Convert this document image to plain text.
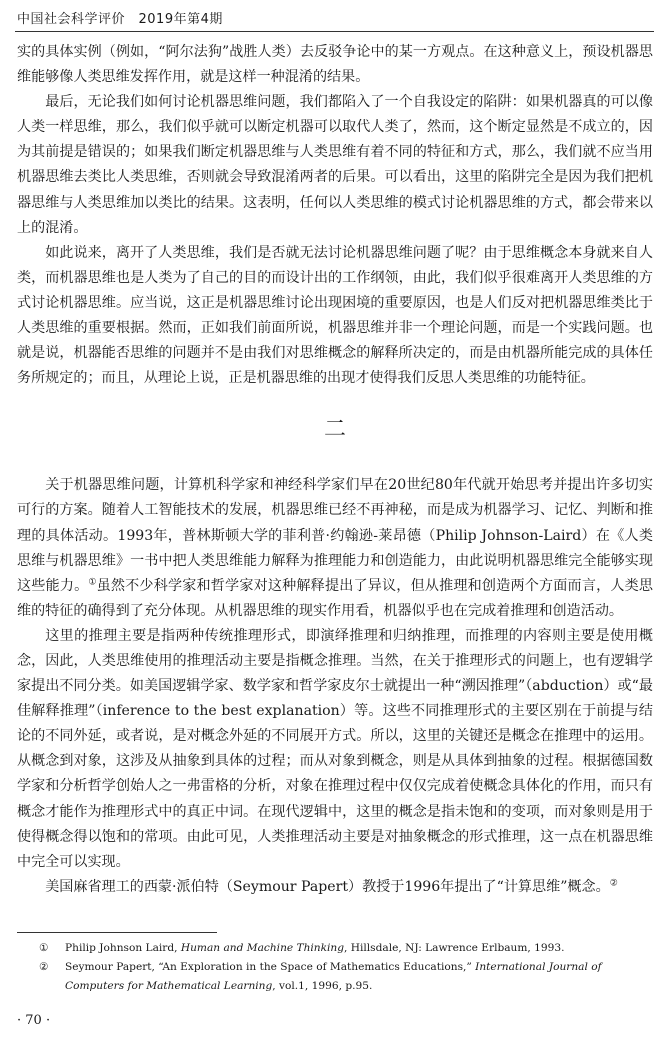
中国社会科学评价　2019年第4期

实的具体实例（例如，“阿尔法狗”战胜人类）去反驳争论中的某一方观点。在这种意义上，预设机器思维能够像人类思维发挥作用，就是这样一种混淆的结果。

最后，无论我们如何讨论机器思维问题，我们都陷入了一个自我设定的陷阱：如果机器真的可以像人类一样思维，那么，我们似乎就可以断定机器可以取代人类了，然而，这个断定显然是不成立的，因为其前提是错误的；如果我们断定机器思维与人类思维有着不同的特征和方式，那么，我们就不应当用机器思维去类比人类思维，否则就会导致混淆两者的后果。可以看出，这里的陷阱完全是因为我们把机器思维与人类思维加以类比的结果。这表明，任何以人类思维的模式讨论机器思维的方式，都会带来以上的混淆。

如此说来，离开了人类思维，我们是否就无法讨论机器思维问题了呢？由于思维概念本身就来自人类，而机器思维也是人类为了自己的目的而设计出的工作纲领，由此，我们似乎很难离开人类思维的方式讨论机器思维。应当说，这正是机器思维讨论出现困境的重要原因，也是人们反对把机器思维类比于人类思维的重要根据。然而，正如我们前面所说，机器思维并非一个理论问题，而是一个实践问题。也就是说，机器能否思维的问题并不是由我们对思维概念的解释所决定的，而是由机器所能完成的具体任务所规定的；而且，从理论上说，正是机器思维的出现才使得我们反思人类思维的功能特征。

二

关于机器思维问题，计算机科学家和神经科学家们早在20世纪80年代就开始思考并提出许多切实可行的方案。随着人工智能技术的发展，机器思维已经不再神秘，而是成为机器学习、记忆、判断和推理的具体活动。1993年，普林斯顿大学的菲利普·约翰逊-莱昂德（Philip Johnson-Laird）在《人类思维与机器思维》一书中把人类思维能力解释为推理能力和创造能力，由此说明机器思维完全能够实现这些能力。①虽然不少科学家和哲学家对这种解释提出了异议，但从推理和创造两个方面而言，人类思维的特征的确得到了充分体现。从机器思维的现实作用看，机器似乎也在完成着推理和创造活动。

这里的推理主要是指两种传统推理形式，即演绎推理和归纳推理，而推理的内容则主要是使用概念，因此，人类思维使用的推理活动主要是指概念推理。当然，在关于推理形式的问题上，也有逻辑学家提出不同分类。如美国逻辑学家、数学家和哲学家皮尔士就提出一种“溯因推理”（abduction）或“最佳解释推理”（inference to the best explanation）等。这些不同推理形式的主要区别在于前提与结论的不同外延，或者说，是对概念外延的不同展开方式。所以，这里的关键还是概念在推理中的运用。从概念到对象，这涉及从抽象到具体的过程；而从对象到概念，则是从具体到抽象的过程。根据德国数学家和分析哲学创始人之一弗雷格的分析，对象在推理过程中仅仅完成着使概念具体化的作用，而只有概念才能作为推理形式中的真正中词。在现代逻辑中，这里的概念是指未饱和的变项，而对象则是用于使得概念得以饱和的常项。由此可见，人类推理活动主要是对抽象概念的形式推理，这一点在机器思维中完全可以实现。

美国麻省理工的西蒙·派伯特（Seymour Papert）教授于1996年提出了“计算思维”概念。②

① Philip Johnson Laird, Human and Machine Thinking, Hillsdale, NJ: Lawrence Erlbaum, 1993.
② Seymour Papert, “An Exploration in the Space of Mathematics Educations,” International Journal of Computers for Mathematical Learning, vol.1, 1996, p.95.
· 70 ·
